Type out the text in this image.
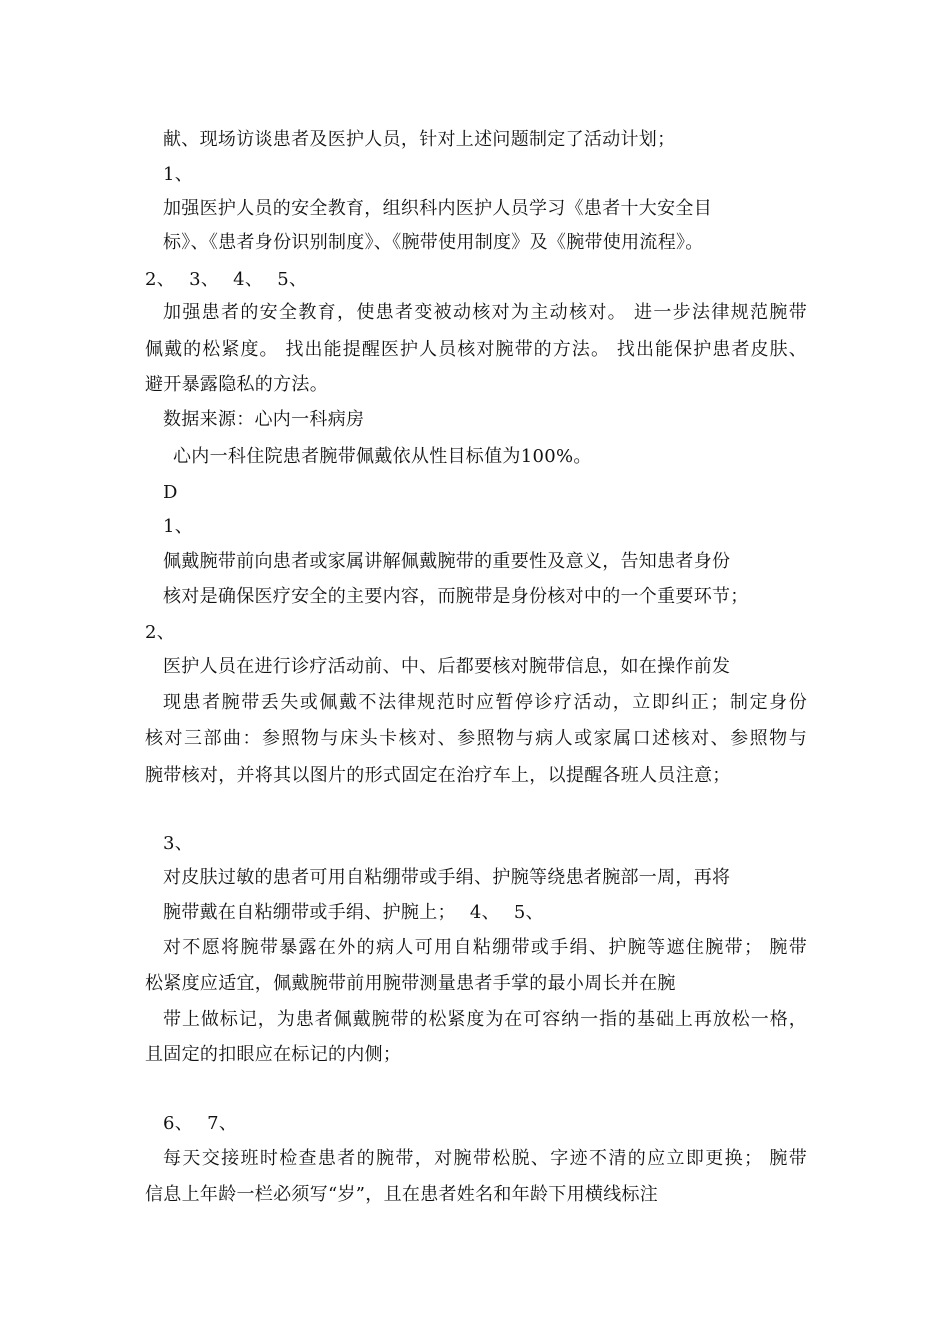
献、现场访谈患者及医护人员，针对上述问题制定了活动计划；
1、
加强医护人员的安全教育，组织科内医护人员学习《患者十大安全目
标》、《患者身份识别制度》、《腕带使用制度》及《腕带使用流程》。
2、 3、 4、 5、
加强患者的安全教育，使患者变被动核对为主动核对。 进一步法律规范腕带
佩戴的松紧度。 找出能提醒医护人员核对腕带的方法。 找出能保护患者皮肤、
避开暴露隐私的方法。
数据来源：心内一科病房
心内一科住院患者腕带佩戴依从性目标值为100%。
D
1、
佩戴腕带前向患者或家属讲解佩戴腕带的重要性及意义，告知患者身份
核对是确保医疗安全的主要内容，而腕带是身份核对中的一个重要环节；
2、
医护人员在进行诊疗活动前、中、后都要核对腕带信息，如在操作前发
现患者腕带丢失或佩戴不法律规范时应暂停诊疗活动，立即纠正；制定身份
核对三部曲：参照物与床头卡核对、参照物与病人或家属口述核对、参照物与
腕带核对，并将其以图片的形式固定在治疗车上，以提醒各班人员注意；
3、
对皮肤过敏的患者可用自粘绷带或手绢、护腕等绕患者腕部一周，再将
腕带戴在自粘绷带或手绢、护腕上； 4、 5、
对不愿将腕带暴露在外的病人可用自粘绷带或手绢、护腕等遮住腕带； 腕带
松紧度应适宜，佩戴腕带前用腕带测量患者手掌的最小周长并在腕
带上做标记，为患者佩戴腕带的松紧度为在可容纳一指的基础上再放松一格，
且固定的扣眼应在标记的内侧；
6、 7、
每天交接班时检查患者的腕带，对腕带松脱、字迹不清的应立即更换； 腕带
信息上年龄一栏必须写“岁”，且在患者姓名和年龄下用横线标注
